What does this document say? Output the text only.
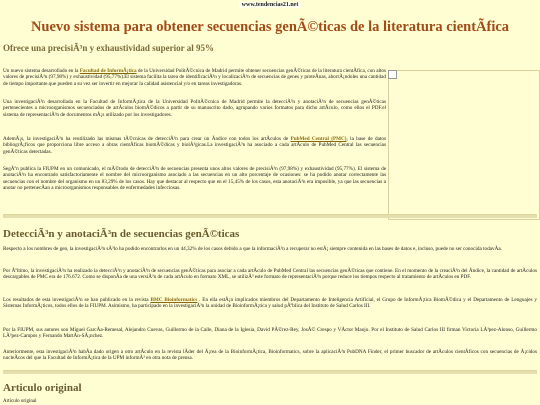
www.tendencias21.net
Nuevo sistema para obtener secuencias genÃ©ticas de la literatura cientÃfica
Ofrece una precisiÃ³n y exhaustividad superior al 95%

Un nuevo sistema desarrollado en la Facultad de InformÃ¡tica de la Universidad PolitÃ©cnica de Madrid permite obtener secuencias genÃ©ticas de la literatura cientÃfica, con altos valores de precisiÃ³n (97,98%) y exhaustividad (95,77%).El sistema facilita la tarea de identificaciÃ³n y localizaciÃ³n de secuencias de genes y proteÃnas, ahorrÃ¡ndoles una cantidad de tiempo importante.que pueden a su vez ser invertir en mejorar la calidad asistencial y/o en tareas investigadoras.

Una investigaciÃ³n desarrollada en la Facultad de InformÃ¡tica de la Universidad PolitÃ©cnica de Madrid permite la detecciÃ³n y anotaciÃ³n de secuencias genÃ©ticas pertenecientes a microorganismos secuenciados de artÃculos biomÃ©dicos a partir de su manuscrito dado, agrupando varios formatos para dicho artÃculo, como ellos el PDF.el sistema de representaciÃ³n de documentos mÃ¡s utilizado por los investigadores.

AdemÃ¡s, la investigaciÃ³n ha reutilizado las mismas tÃ©cnicas de detecciÃ³n para crear un Ãndice con todos los artÃculos de PubMed Central (PMC), la base de datos bibliogrÃ¡ficos que proporciona libre acceso a obras cientÃficas biomÃ©dicas y biolÃ³gicas.La investigaciÃ³n ha asociado a cada artÃculo de PubMed Central las secuencias genÃ©ticas detectadas.

SegÃºn publica la FIUPM en un comunicado, el mÃ©todo de detecciÃ³n de secuencias presenta unos altos valores de precisiÃ³n (97,98%) y exhaustividad (95,77%). El sistema de anotaciÃ³n ha encontrado satisfactoriamente el nombre del microorganismo asociado a las secuencias en un alto porcentaje de ocasiones: se ha podido anotar correctamente las secuencias con el nombre del organismo en un 83,29% de los casos. Hay que destacar al respecto que en el 15,45% de los casos, esta anotaciÃ³n era imposible, ya que las secuencias a anotar no pertenecÃan a microorganismos responsables de enfermedades infecciosas.

DetecciÃ³n y anotaciÃ³n de secuencias genÃ©ticas

Respecto a los nombres de gen, la investigaciÃ³n sÃ³lo ha podido encontrarlos en un 44,32% de los casos debido a que la informaciÃ³n a recuperar no estÃ¡ siempre contenida en las bases de datos e, incluso, puede no ser conocida todavÃa.

Por Ãºltimo, la investigaciÃ³n ha realizado la detecciÃ³n y anotaciÃ³n de secuencias genÃ©ticas para asociar a cada artÃculo de PubMed Central las secuencias genÃ©ticas que contiene. En el momento de la creaciÃ³n del Ãndice, la cantidad de artÃculos descargables de PMC era de 176.672. Como se disponÃa de una versiÃ³n de cada artÃculo en formato XML, se utilizÃ³ este formato de representaciÃ³n porque reduce los tiempos respecto al tratamiento de artÃculos en PDF.

Los resultados de esta investigaciÃ³n se han publicado en la revista BMC Bioinformatics . En ella estÃ¡n implicados miembros del Departamento de Inteligencia Artificial, el Grupo de InformÃ¡tica BiomÃ©dica y el Departamento de Lenguajes y Sistemas InformÃ¡ticos, todos ellos de la FIUPM. Asimismo, ha participado en la investigaciÃ³n la unidad de BioinformÃ¡tica y salud pÃºblica del Instituto de Salud Carlos III.

Por la FIUPM, sus autores son Miguel GarcÃa-Remesal, Alejandro Cuevas, Guillermo de la Calle, Diana de la Iglesia, David PÃ©rez-Rey, JosÃ© Crespo y VÃctor Maojo. Por el Instituto de Salud Carlos III firman Victoria LÃ³pez-Alonso, Guillermo LÃ³pez-Campos y Fernando MartÃn-SÃ¡nchez.

Anteriormente, esta investigaciÃ³n habÃa dado origen a otro artÃculo en la revista lÃder del Ã¡rea de la BioinformÃ¡tica, Bioinformatics, sobre la aplicaciÃ³n PubDNA Finder, el primer buscador de artÃculos cientÃficos con secuencias de Ã¡cidos nucleÃcos del que la Facultad de InformÃ¡tica de la UPM informÃ³ en otra nota de prensa.

Articulo original
Artículo original
